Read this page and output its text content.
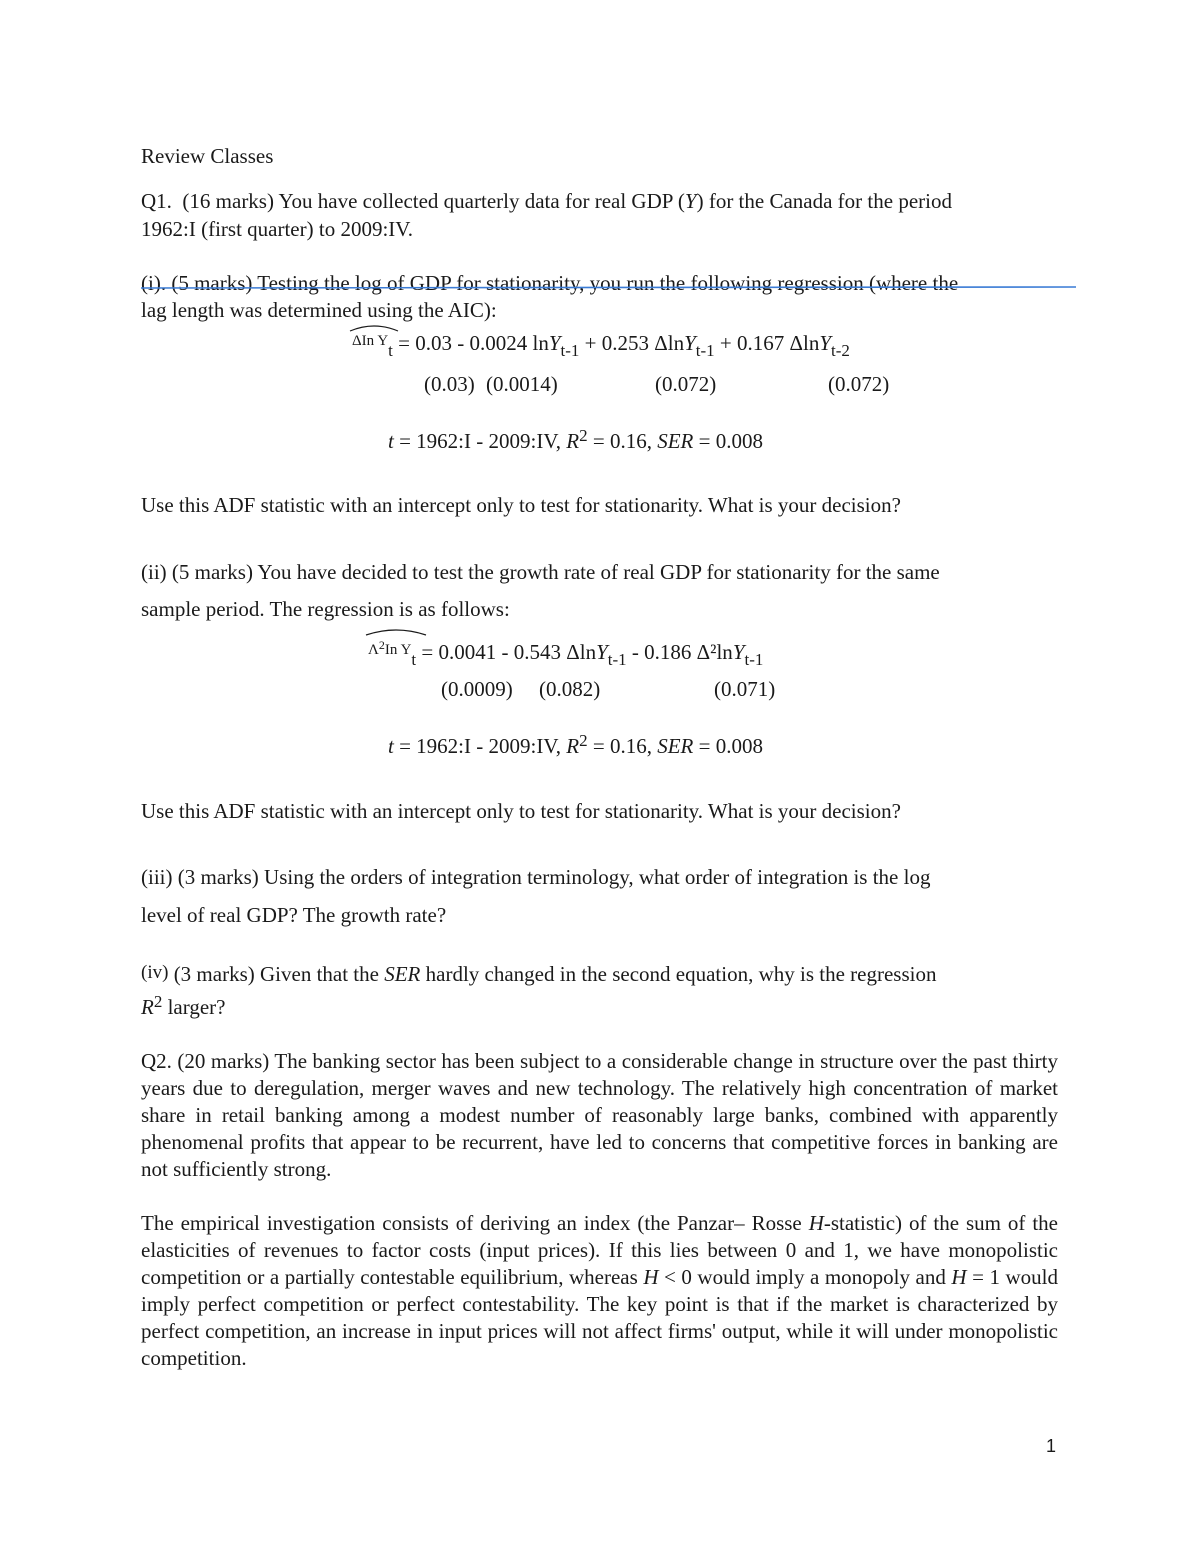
Review Classes
Q1.  (16 marks) You have collected quarterly data for real GDP (Y) for the Canada for the period
1962:I (first quarter) to 2009:IV.
(i). (5 marks) Testing the log of GDP for stationarity, you run the following regression (where the
lag length was determined using the AIC):
ΔIn $Y_t = 0.03 - 0.0024$ lnY$_{t-1}$ + 0.253 ΔlnY$_{t-1}$ + 0.167 ΔlnY$_{t-2}$
(0.03) (0.0014)	(0.072)	(0.072)
t = 1962:I - 2009:IV, $R^2 = 0.16$, SER = 0.008
Use this ADF statistic with an intercept only to test for stationarity. What is your decision?
(ii) (5 marks) You have decided to test the growth rate of real GDP for stationarity for the same
sample period. The regression is as follows:
$\Lambda^2In$ $Y_t = 0.0041 - 0.543$ ΔlnY$_{t-1}$ - 0.186 Δ²lnY$_{t-1}$
(0.0009) (0.082)	(0.071)
t = 1962:I - 2009:IV, $R^2 = 0.16$, SER = 0.008
Use this ADF statistic with an intercept only to test for stationarity. What is your decision?
(iii) (3 marks) Using the orders of integration terminology, what order of integration is the log
level of real GDP? The growth rate?
(iv) (3 marks) Given that the SER hardly changed in the second equation, why is the regression
$R^2$ larger?
Q2. (20 marks) The banking sector has been subject to a considerable change in structure over the past thirty years due to deregulation, merger waves and new technology. The relatively high concentration of market share in retail banking among a modest number of reasonably large banks, combined with apparently phenomenal profits that appear to be recurrent, have led to concerns that competitive forces in banking are not sufficiently strong.
The empirical investigation consists of deriving an index (the Panzar– Rosse H-statistic) of the sum of the elasticities of revenues to factor costs (input prices). If this lies between 0 and 1, we have monopolistic competition or a partially contestable equilibrium, whereas H < 0 would imply a monopoly and H = 1 would imply perfect competition or perfect contestability. The key point is that if the market is characterized by perfect competition, an increase in input prices will not affect firms' output, while it will under monopolistic competition.
1
